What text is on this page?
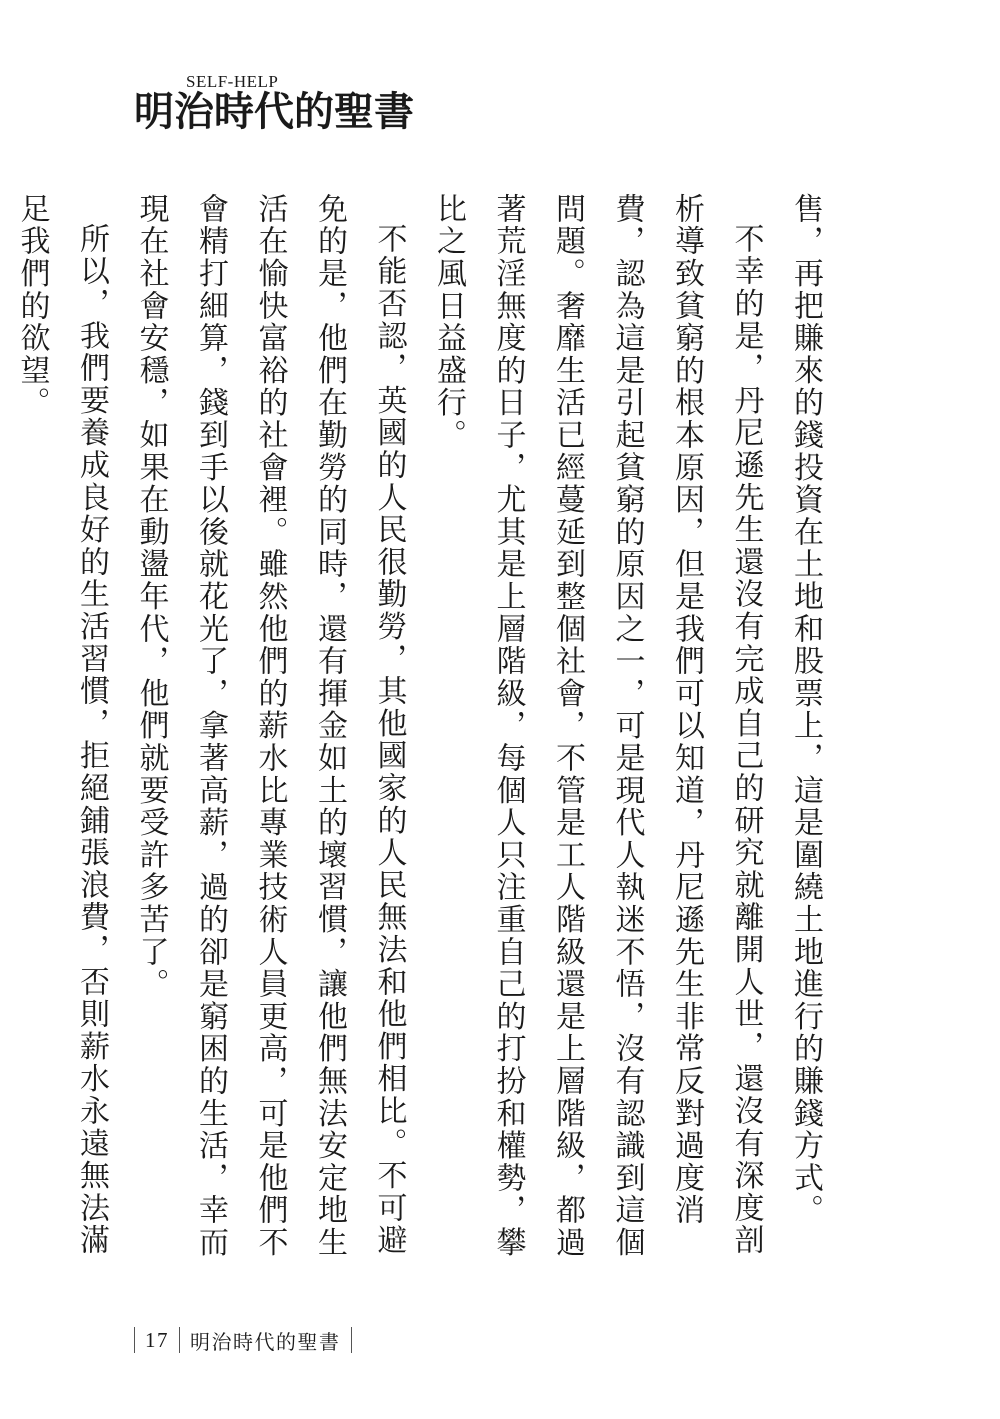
SELF-HELP
明治時代的聖書

售，再把賺來的錢投資在土地和股票上，這是圍繞土地進行的賺錢方式。

不幸的是，丹尼遜先生還沒有完成自己的研究就離開人世，還沒有深度剖析導致貧窮的根本原因，但是我們可以知道，丹尼遜先生非常反對過度消費，認為這是引起貧窮的原因之一，可是現代人執迷不悟，沒有認識到這個問題。奢靡生活已經蔓延到整個社會，不管是工人階級還是上層階級，都過著荒淫無度的日子，尤其是上層階級，每個人只注重自己的打扮和權勢，攀比之風日益盛行。

不能否認，英國的人民很勤勞，其他國家的人民無法和他們相比。不可避免的是，他們在勤勞的同時，還有揮金如土的壞習慣，讓他們無法安定地生活在愉快富裕的社會裡。雖然他們的薪水比專業技術人員更高，可是他們不會精打細算，錢到手以後就花光了，拿著高薪，過的卻是窮困的生活，幸而現在社會安穩，如果在動盪年代，他們就要受許多苦了。

所以，我們要養成良好的生活習慣，拒絕鋪張浪費，否則薪水永遠無法滿足我們的欲望。

17	明治時代的聖書
